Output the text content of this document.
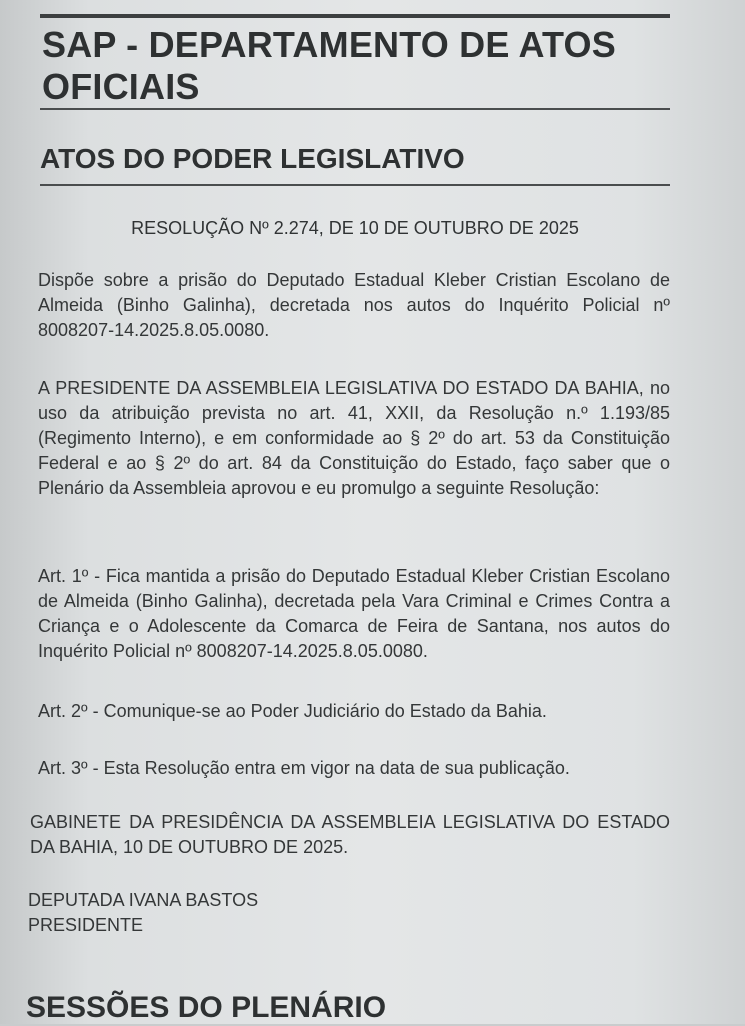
SAP - DEPARTAMENTO DE ATOS OFICIAIS
ATOS DO PODER LEGISLATIVO
RESOLUÇÃO Nº 2.274, DE 10 DE OUTUBRO DE 2025
Dispõe sobre a prisão do Deputado Estadual Kleber Cristian Escolano de Almeida (Binho Galinha), decretada nos autos do Inquérito Policial nº 8008207-14.2025.8.05.0080.
A PRESIDENTE DA ASSEMBLEIA LEGISLATIVA DO ESTADO DA BAHIA, no uso da atribuição prevista no art. 41, XXII, da Resolução n.º 1.193/85 (Regimento Interno), e em conformidade ao § 2º do art. 53 da Constituição Federal e ao § 2º do art. 84 da Constituição do Estado, faço saber que o Plenário da Assembleia aprovou e eu promulgo a seguinte Resolução:
Art. 1º - Fica mantida a prisão do Deputado Estadual Kleber Cristian Escolano de Almeida (Binho Galinha), decretada pela Vara Criminal e Crimes Contra a Criança e o Adolescente da Comarca de Feira de Santana, nos autos do Inquérito Policial nº 8008207-14.2025.8.05.0080.
Art. 2º - Comunique-se ao Poder Judiciário do Estado da Bahia.
Art. 3º - Esta Resolução entra em vigor na data de sua publicação.
GABINETE DA PRESIDÊNCIA DA ASSEMBLEIA LEGISLATIVA DO ESTADO DA BAHIA, 10 DE OUTUBRO DE 2025.
DEPUTADA IVANA BASTOS
PRESIDENTE
SESSÕES DO PLENÁRIO
